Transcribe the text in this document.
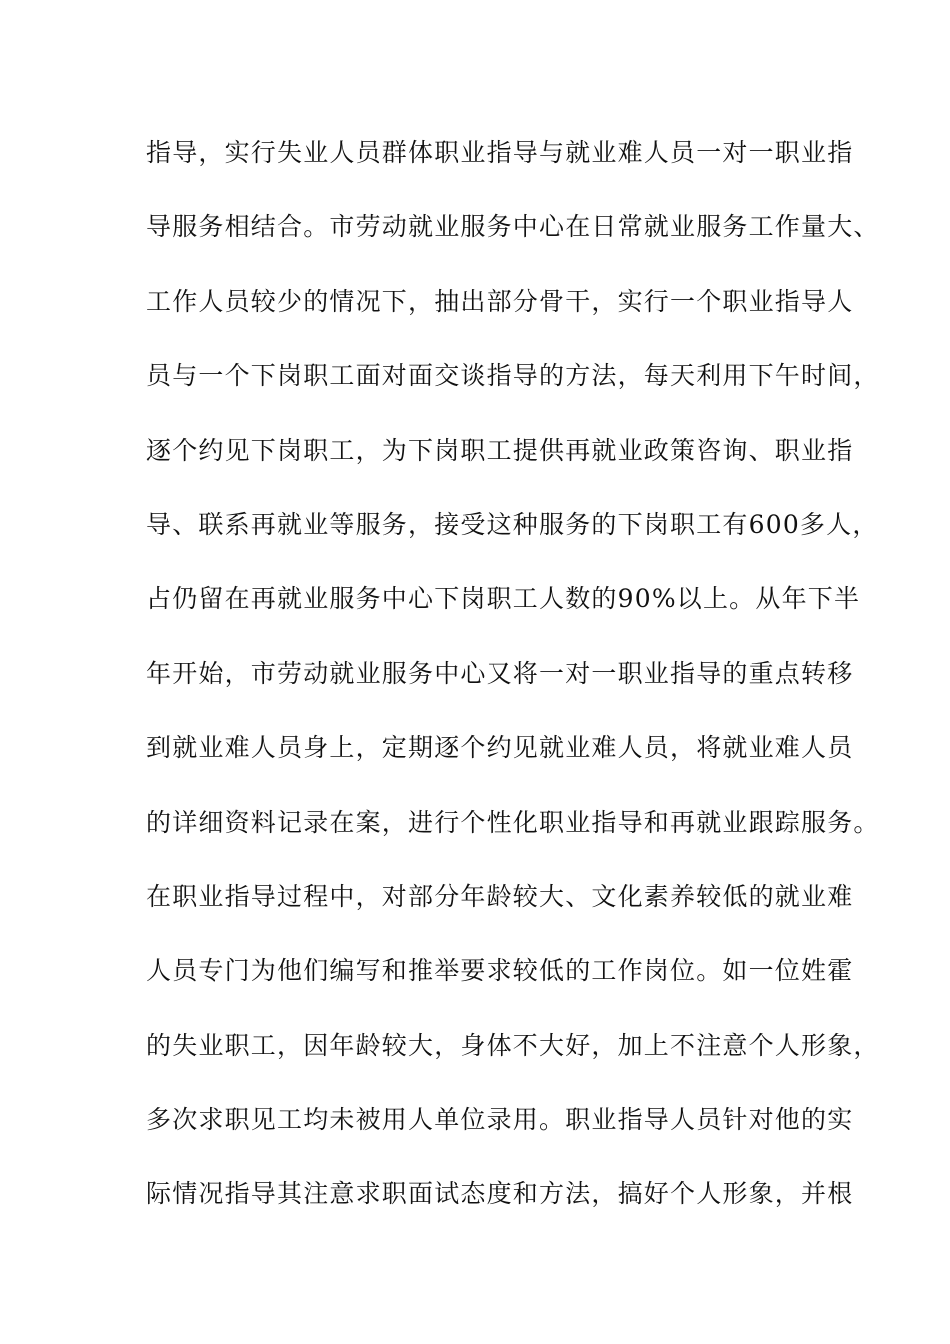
指导，实行失业人员群体职业指导与就业难人员一对一职业指
导服务相结合。市劳动就业服务中心在日常就业服务工作量大、
工作人员较少的情况下，抽出部分骨干，实行一个职业指导人
员与一个下岗职工面对面交谈指导的方法，每天利用下午时间，
逐个约见下岗职工，为下岗职工提供再就业政策咨询、职业指
导、联系再就业等服务，接受这种服务的下岗职工有600多人，
占仍留在再就业服务中心下岗职工人数的90%以上。从年下半
年开始，市劳动就业服务中心又将一对一职业指导的重点转移
到就业难人员身上，定期逐个约见就业难人员，将就业难人员
的详细资料记录在案，进行个性化职业指导和再就业跟踪服务。
在职业指导过程中，对部分年龄较大、文化素养较低的就业难
人员专门为他们编写和推举要求较低的工作岗位。如一位姓霍
的失业职工，因年龄较大，身体不大好，加上不注意个人形象，
多次求职见工均未被用人单位录用。职业指导人员针对他的实
际情况指导其注意求职面试态度和方法，搞好个人形象，并根
